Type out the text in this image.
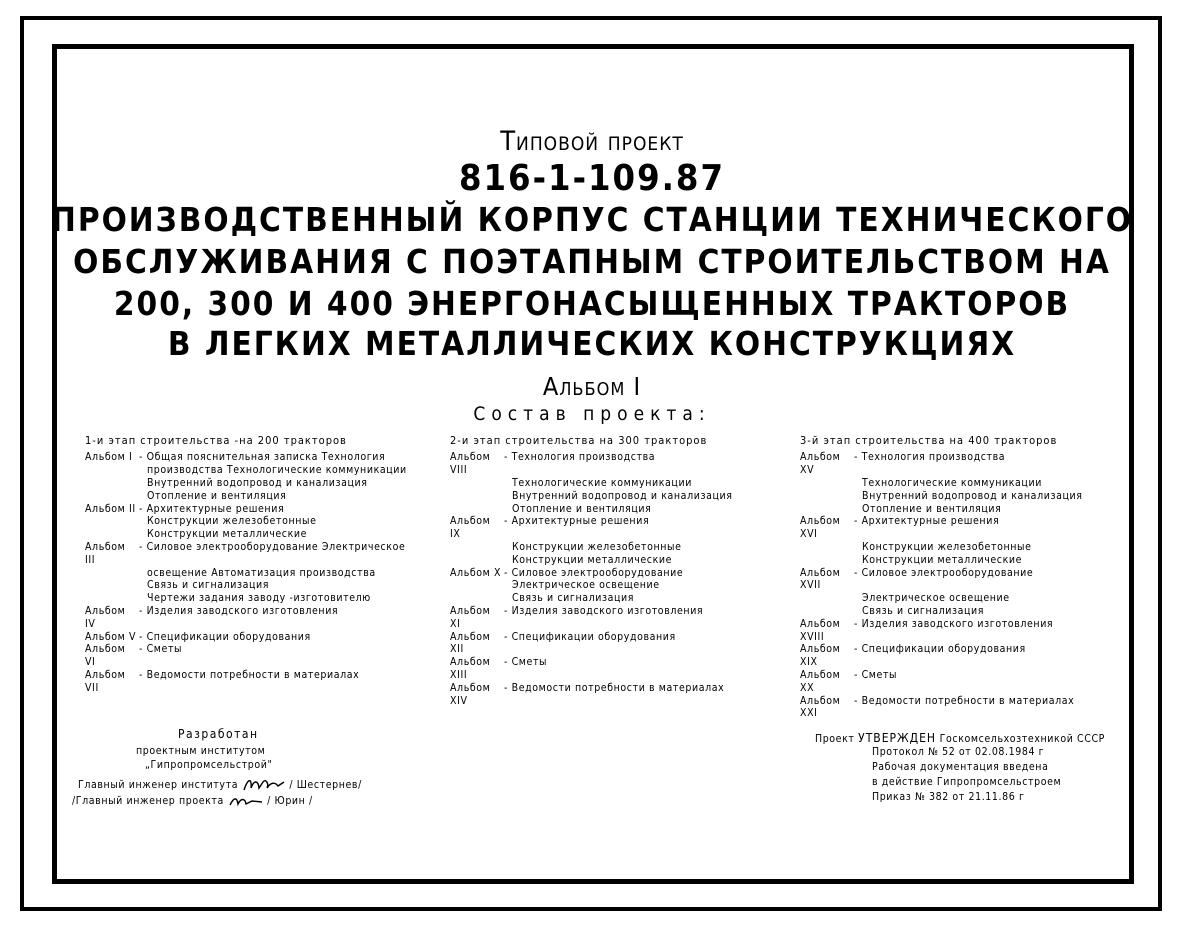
Типовой проект
816-1-109.87
ПРОИЗВОДСТВЕННЫЙ КОРПУС СТАНЦИИ ТЕХНИЧЕСКОГО
ОБСЛУЖИВАНИЯ С ПОЭТАПНЫМ СТРОИТЕЛЬСТВОМ НА
200, 300 И 400 ЭНЕРГОНАСЫЩЕННЫХ ТРАКТОРОВ
В ЛЕГКИХ МЕТАЛЛИЧЕСКИХ КОНСТРУКЦИЯХ
Альбом I
Состав проекта:
1-и этап строительства -на 200 тракторов
Альбом I - Общая пояснительная записка Технология
производства Технологические коммуникации
Внутренний водопровод и канализация
Отопление и вентиляция
Альбом II - Архитектурные решения
Конструкции железобетонные
Конструкции металлические
Альбом III
- Силовое электрооборудование Электрическое
освещение Автоматизация производства
Связь и сигнализация
Чертежи задания заводу -изготовителю
Альбом IV
- Изделия заводского изготовления
Альбом V - Спецификации оборудования
Альбом VI
- Сметы
Альбом VII
- Ведомости потребности в материалах
2-и этап строительства на 300 тракторов
Альбом VIII
- Технология производства
Технологические коммуникации
Внутренний водопровод и канализация
Отопление и вентиляция
Альбом IX
- Архитектурные решения
Конструкции железобетонные
Конструкции металлические
Альбом X - Силовое электрооборудование
Электрическое освещение
Связь и сигнализация
Альбом XI
- Изделия заводского изготовления
Альбом XII
- Спецификации оборудования
Альбом XIII
- Сметы
Альбом XIV
- Ведомости потребности в материалах
3-й этап строительства на 400 тракторов
Альбом XV
- Технология производства
Технологические коммуникации
Внутренний водопровод и канализация
Отопление и вентиляция
Альбом XVI
- Архитектурные решения
Конструкции железобетонные
Конструкции металлические
Альбом XVII
- Силовое электрооборудование
Электрическое освещение
Связь и сигнализация
Альбом XVIII
- Изделия заводского изготовления
Альбом XIX
- Спецификации оборудования
Альбом XX
- Сметы
Альбом XXI
- Ведомости потребности в материалах
Разработан
проектным институтом
„Гипропромсельстрой"
Главный инженер института	/ Шестернев/
/Главный инженер проекта	/ Юрин /
Проект УТВЕРЖДЕН Госкомсельхозтехникой СССР
Протокол № 52 от 02.08.1984 г
Рабочая документация введена
в действие Гипропромсельстроем
Приказ № 382 от 21.11.86 г
